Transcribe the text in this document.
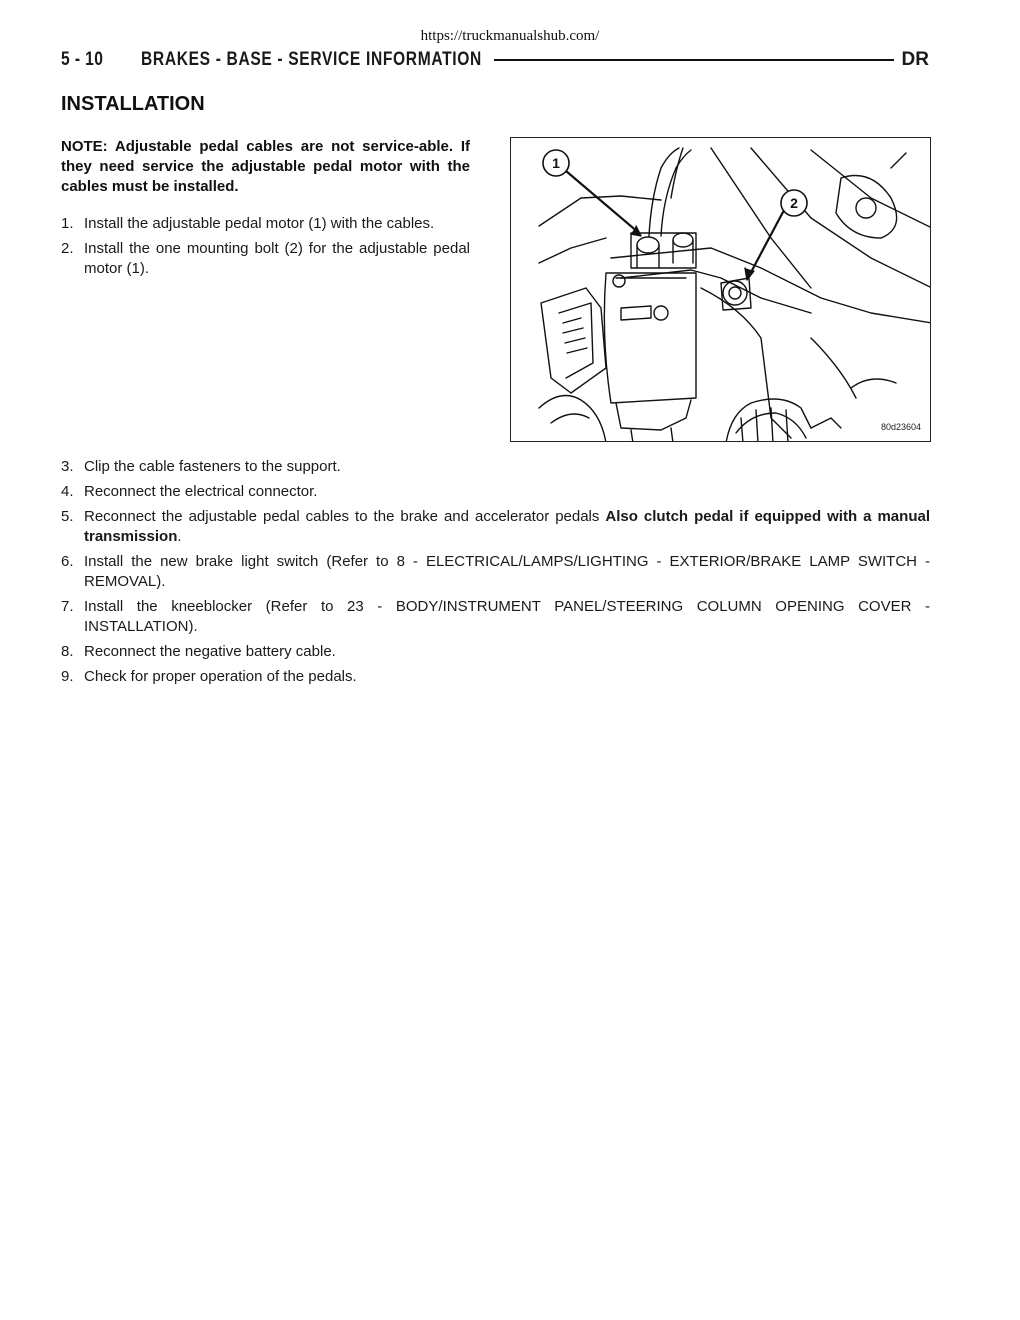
https://truckmanualshub.com/
5 - 10	BRAKES - BASE - SERVICE INFORMATION	DR
INSTALLATION
NOTE: Adjustable pedal cables are not service-able. If they need service the adjustable pedal motor with the cables must be installed.
1. Install the adjustable pedal motor (1) with the cables.
2. Install the one mounting bolt (2) for the adjustable pedal motor (1).
1
2
80d23604
3. Clip the cable fasteners to the support.
4. Reconnect the electrical connector.
5. Reconnect the adjustable pedal cables to the brake and accelerator pedals Also clutch pedal if equipped with a manual transmission.
6. Install the new brake light switch (Refer to 8 - ELECTRICAL/LAMPS/LIGHTING - EXTERIOR/BRAKE LAMP SWITCH - REMOVAL).
7. Install the kneeblocker (Refer to 23 - BODY/INSTRUMENT PANEL/STEERING COLUMN OPENING COVER - INSTALLATION).
8. Reconnect the negative battery cable.
9. Check for proper operation of the pedals.
